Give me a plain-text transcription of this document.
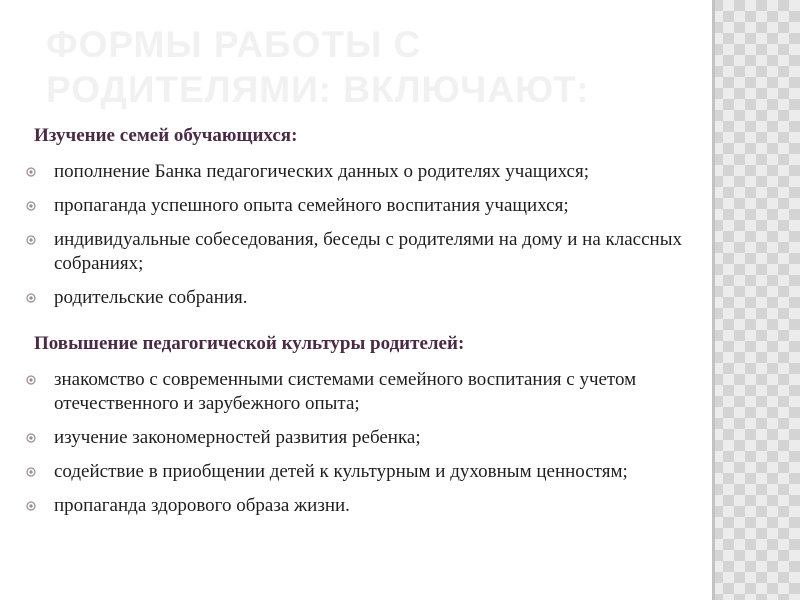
ФОРМЫ РАБОТЫ С РОДИТЕЛЯМИ: ВКЛЮЧАЮТ:

Изучение семей обучающихся:

пополнение Банка педагогических данных о родителях учащихся;
пропаганда успешного опыта семейного воспитания учащихся;
индивидуальные собеседования, беседы с родителями на дому и на классных собраниях;
родительские собрания.

Повышение педагогической культуры родителей:

знакомство с современными системами семейного воспитания с учетом отечественного и зарубежного опыта;
изучение закономерностей развития ребенка;
содействие в приобщении детей к культурным и духовным ценностям;
пропаганда здорового образа жизни.
